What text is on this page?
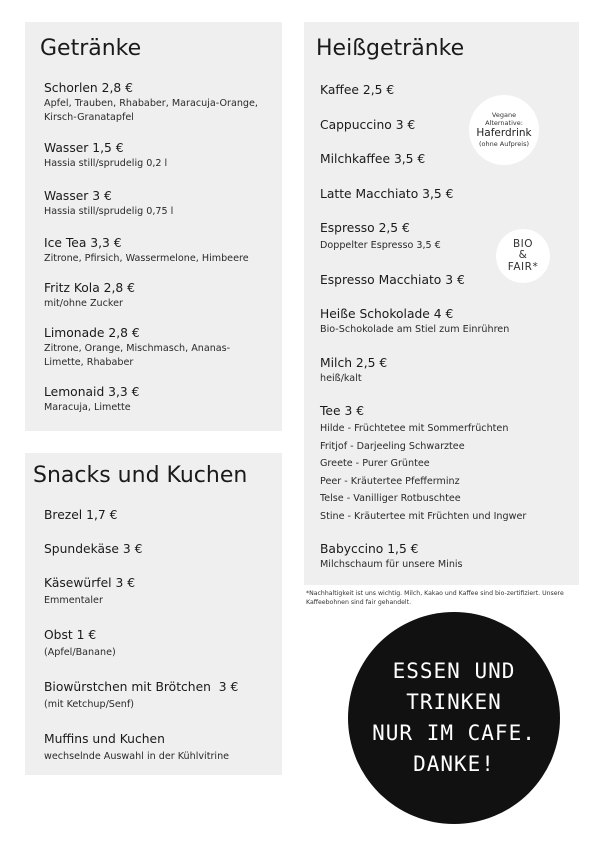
Getränke
Schorlen 2,8 €
Apfel, Trauben, Rhababer, Maracuja-Orange, Kirsch-Granatapfel
Wasser 1,5 €
Hassia still/sprudelig 0,2 l
Wasser 3 €
Hassia still/sprudelig 0,75 l
Ice Tea 3,3 €
Zitrone, Pfirsich, Wassermelone, Himbeere
Fritz Kola 2,8 €
mit/ohne Zucker
Limonade 2,8 €
Zitrone, Orange, Mischmasch, Ananas-Limette, Rhababer
Lemonaid 3,3 €
Maracuja, Limette
Snacks und Kuchen
Brezel 1,7 €
Spundekäse 3 €
Käsewürfel 3 €
Emmentaler
Obst 1 €
(Apfel/Banane)
Biowürstchen mit Brötchen  3 €
(mit Ketchup/Senf)
Muffins und Kuchen
wechselnde Auswahl in der Kühlvitrine
Heißgetränke
Kaffee 2,5 €
Cappuccino 3 €
Milchkaffee 3,5 €
Latte Macchiato 3,5 €
Espresso 2,5 €
Doppelter Espresso 3,5 €
Espresso Macchiato 3 €
Heiße Schokolade 4 €
Bio-Schokolade am Stiel zum Einrühren
Milch 2,5 €
heiß/kalt
Tee 3 €
Hilde - Früchtetee mit Sommerfrüchten
Fritjof - Darjeeling Schwarztee
Greete - Purer Grüntee
Peer - Kräutertee Pfefferminz
Telse - Vanilliger Rotbuschtee
Stine - Kräutertee mit Früchten und Ingwer
Babyccino 1,5 €
Milchschaum für unsere Minis
Vegane
Alternative:
Haferdrink
(ohne Aufpreis)
BIO
&
FAIR*

*Nachhaltigkeit ist uns wichtig. Milch, Kakao und Kaffee sind bio-zertifiziert. Unsere Kaffeebohnen sind fair gehandelt.

ESSEN UND
TRINKEN
NUR IM CAFE.
DANKE!
